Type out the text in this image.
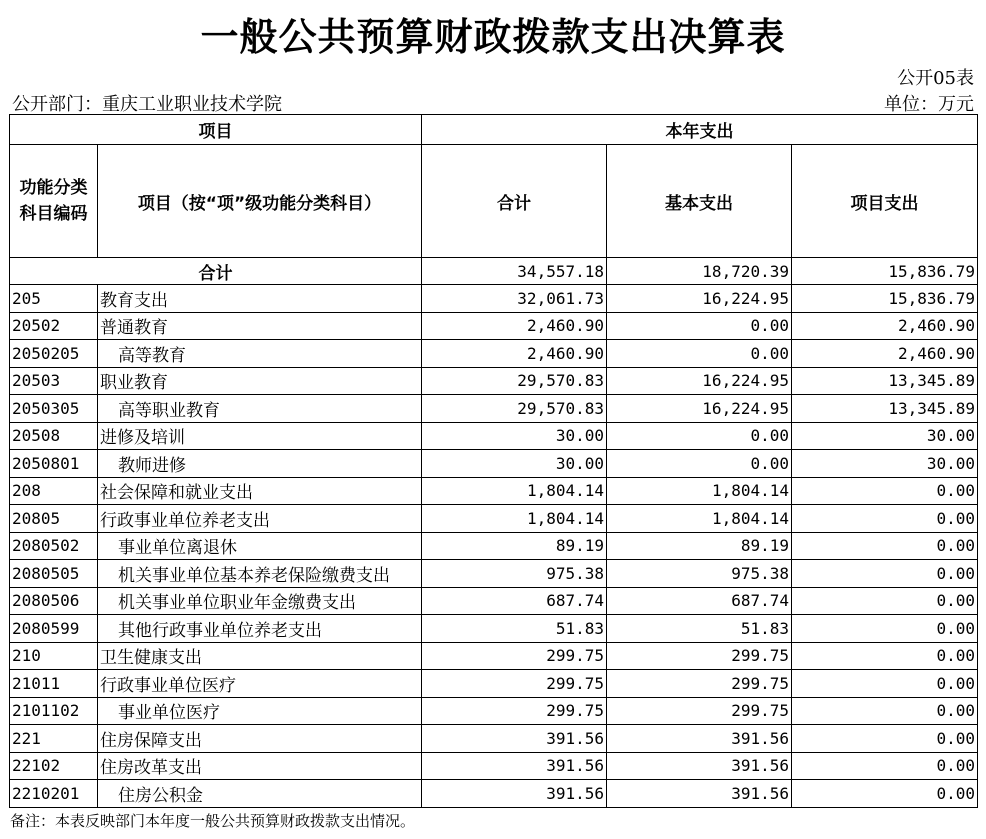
一般公共预算财政拨款支出决算表
公开05表
公开部门：重庆工业职业技术学院	单位：万元
项目		本年支出		
功能分类
科目编码	项目（按“项”级功能分类科目）	合计	基本支出	项目支出
合计		34,557.18	18,720.39	15,836.79
205	教育支出	32,061.73	16,224.95	15,836.79
20502	普通教育	2,460.90	0.00	2,460.90
2050205	高等教育	2,460.90	0.00	2,460.90
20503	职业教育	29,570.83	16,224.95	13,345.89
2050305	高等职业教育	29,570.83	16,224.95	13,345.89
20508	进修及培训	30.00	0.00	30.00
2050801	教师进修	30.00	0.00	30.00
208	社会保障和就业支出	1,804.14	1,804.14	0.00
20805	行政事业单位养老支出	1,804.14	1,804.14	0.00
2080502	事业单位离退休	89.19	89.19	0.00
2080505	机关事业单位基本养老保险缴费支出	975.38	975.38	0.00
2080506	机关事业单位职业年金缴费支出	687.74	687.74	0.00
2080599	其他行政事业单位养老支出	51.83	51.83	0.00
210	卫生健康支出	299.75	299.75	0.00
21011	行政事业单位医疗	299.75	299.75	0.00
2101102	事业单位医疗	299.75	299.75	0.00
221	住房保障支出	391.56	391.56	0.00
22102	住房改革支出	391.56	391.56	0.00
2210201	住房公积金	391.56	391.56	0.00
备注：本表反映部门本年度一般公共预算财政拨款支出情况。
